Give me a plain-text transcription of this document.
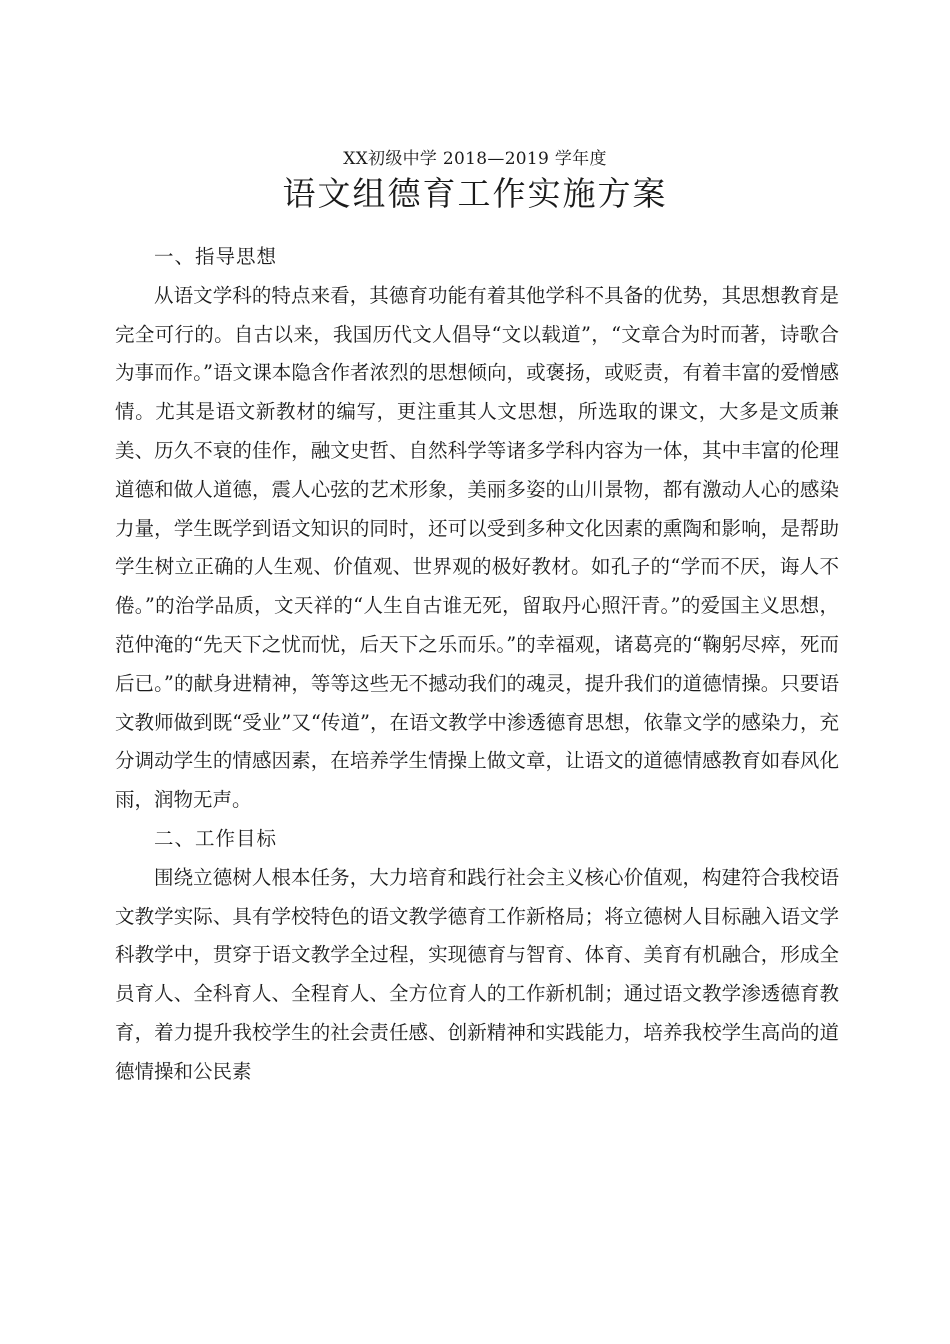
XX初级中学 2018—2019 学年度
语文组德育工作实施方案

一、指导思想

从语文学科的特点来看，其德育功能有着其他学科不具备的优势，其思想教育是完全可行的。自古以来，我国历代文人倡导“文以载道”，“文章合为时而著，诗歌合为事而作。”语文课本隐含作者浓烈的思想倾向，或褒扬，或贬责，有着丰富的爱憎感情。尤其是语文新教材的编写，更注重其人文思想，所选取的课文，大多是文质兼美、历久不衰的佳作，融文史哲、自然科学等诸多学科内容为一体，其中丰富的伦理道德和做人道德，震人心弦的艺术形象，美丽多姿的山川景物，都有激动人心的感染力量，学生既学到语文知识的同时，还可以受到多种文化因素的熏陶和影响，是帮助学生树立正确的人生观、价值观、世界观的极好教材。如孔子的“学而不厌，诲人不倦。”的治学品质，文天祥的“人生自古谁无死，留取丹心照汗青。”的爱国主义思想，范仲淹的“先天下之忧而忧，后天下之乐而乐。”的幸福观，诸葛亮的“鞠躬尽瘁，死而后已。”的献身进精神，等等这些无不撼动我们的魂灵，提升我们的道德情操。只要语文教师做到既“受业”又“传道”，在语文教学中渗透德育思想，依靠文学的感染力，充分调动学生的情感因素，在培养学生情操上做文章，让语文的道德情感教育如春风化雨，润物无声。

二、工作目标

围绕立德树人根本任务，大力培育和践行社会主义核心价值观，构建符合我校语文教学实际、具有学校特色的语文教学德育工作新格局；将立德树人目标融入语文学科教学中，贯穿于语文教学全过程，实现德育与智育、体育、美育有机融合，形成全员育人、全科育人、全程育人、全方位育人的工作新机制；通过语文教学渗透德育教育，着力提升我校学生的社会责任感、创新精神和实践能力，培养我校学生高尚的道德情操和公民素
